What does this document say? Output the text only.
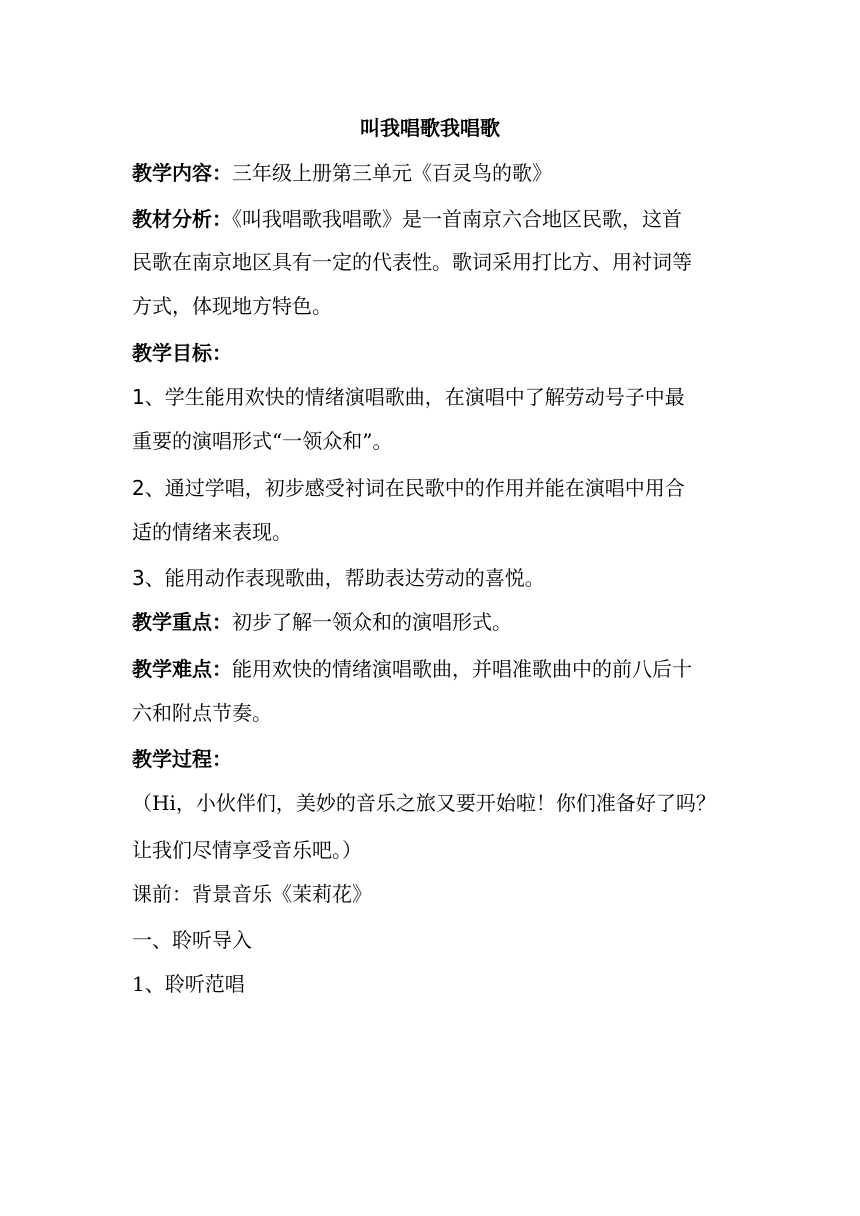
叫我唱歌我唱歌

教学内容：三年级上册第三单元《百灵鸟的歌》

教材分析：《叫我唱歌我唱歌》是一首南京六合地区民歌，这首

民歌在南京地区具有一定的代表性。歌词采用打比方、用衬词等

方式，体现地方特色。

教学目标：

1、学生能用欢快的情绪演唱歌曲，在演唱中了解劳动号子中最

重要的演唱形式“一领众和”。

2、通过学唱，初步感受衬词在民歌中的作用并能在演唱中用合

适的情绪来表现。

3、能用动作表现歌曲，帮助表达劳动的喜悦。

教学重点：初步了解一领众和的演唱形式。

教学难点：能用欢快的情绪演唱歌曲，并唱准歌曲中的前八后十

六和附点节奏。

教学过程：

（Hi，小伙伴们，美妙的音乐之旅又要开始啦！你们准备好了吗？

让我们尽情享受音乐吧。）

课前：背景音乐《茉莉花》

一、聆听导入

1、聆听范唱
